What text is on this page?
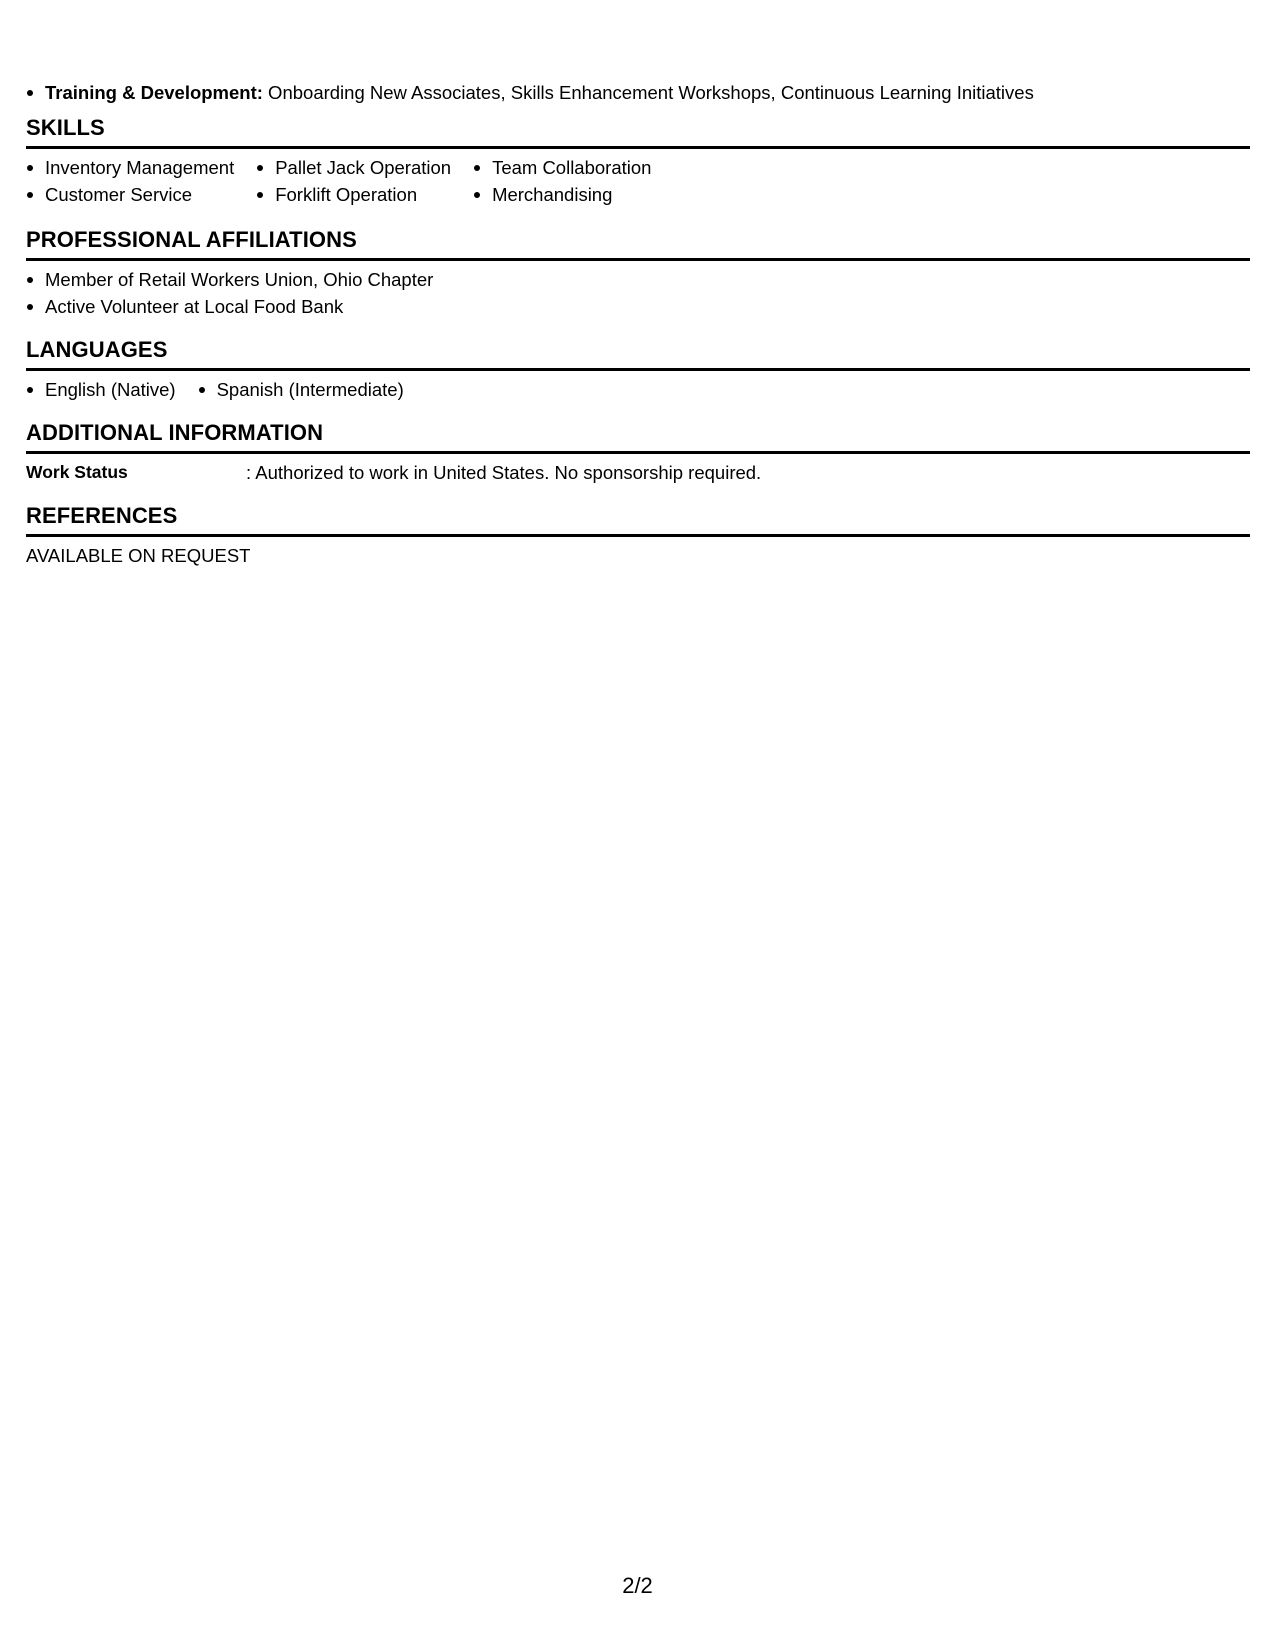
Training & Development: Onboarding New Associates, Skills Enhancement Workshops, Continuous Learning Initiatives
SKILLS
Inventory Management
Customer Service
Pallet Jack Operation
Forklift Operation
Team Collaboration
Merchandising
PROFESSIONAL AFFILIATIONS
Member of Retail Workers Union, Ohio Chapter
Active Volunteer at Local Food Bank
LANGUAGES
English (Native)	Spanish (Intermediate)
ADDITIONAL INFORMATION
Work Status	: Authorized to work in United States. No sponsorship required.
REFERENCES
AVAILABLE ON REQUEST
2/2
